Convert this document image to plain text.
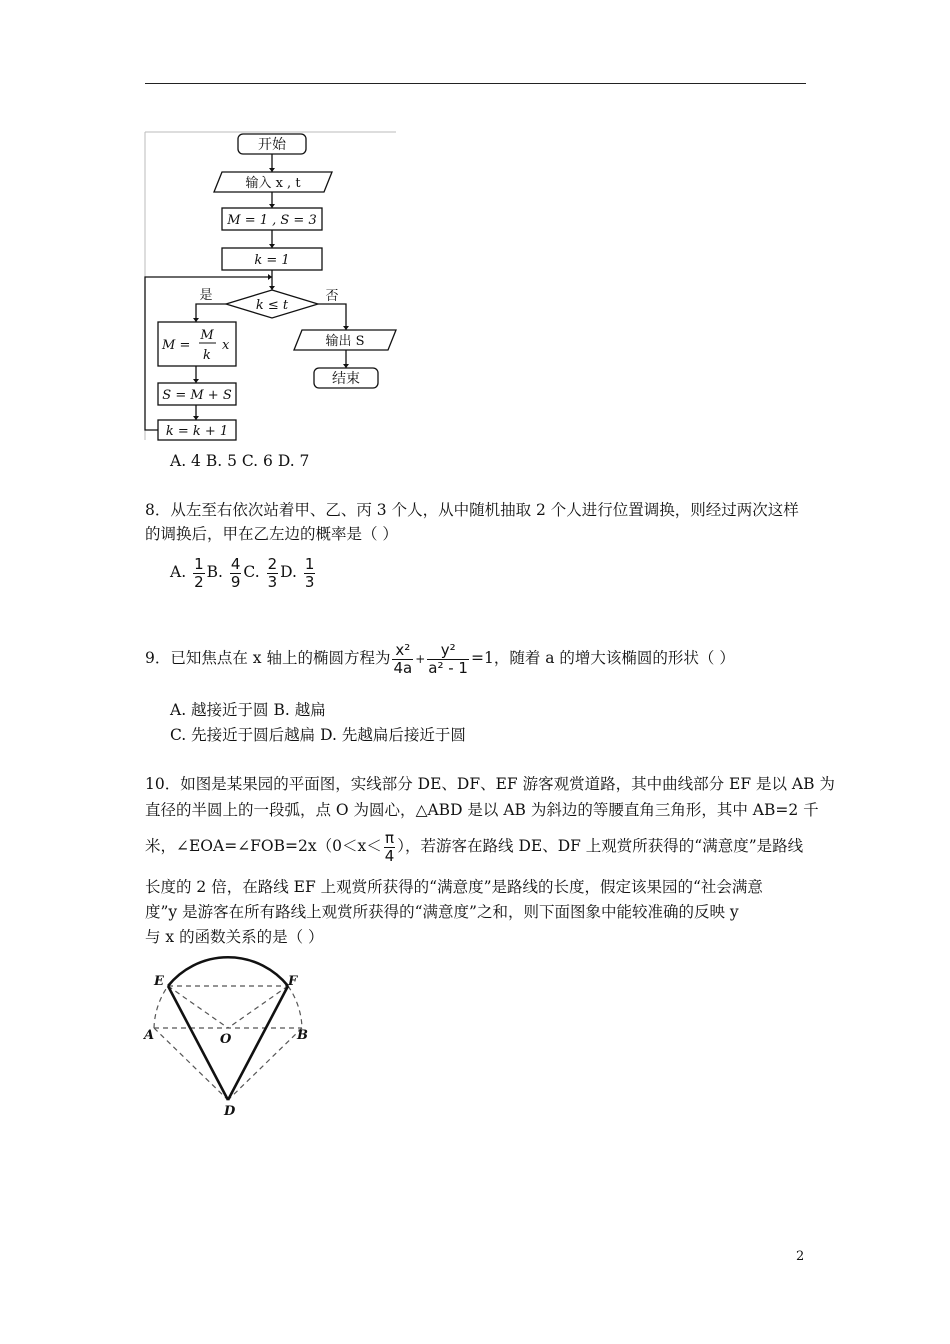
开始
输入 x , t
M = 1 , S = 3
k = 1
k ≤ t
是	否
M =
M
k
x
S = M + S
k = k + 1
输出 S
结束
A. 4 B. 5 C. 6 D. 7
8．从左至右依次站着甲、乙、丙 3 个人，从中随机抽取 2 个人进行位置调换，则经过两次这样
的调换后，甲在乙左边的概率是（ ）
A. $\frac{1}{2} B$. $\frac{4}{9} C$. $\frac{2}{3} D$. $\frac{1}{3}$
9．已知焦点在 x 轴上的椭圆方程为 $\frac{\text{x²}}{4a} + \frac{\text{y²}}{\text{a² - 1}} =1$，随着 a 的增大该椭圆的形状（ ）
A. 越接近于圆 B. 越扁
C. 先接近于圆后越扁 D. 先越扁后接近于圆
10．如图是某果园的平面图，实线部分 DE、DF、EF 游客观赏道路，其中曲线部分 EF 是以 AB 为
直径的半圆上的一段弧，点 O 为圆心，△ABD 是以 AB 为斜边的等腰直角三角形，其中 AB=2 千
米，∠EOA=∠FOB=2x（0＜x＜ $\frac{\pi}{4}$ ），若游客在路线 DE、DF 上观赏所获得的“满意度”是路线
长度的 2 倍，在路线 EF 上观赏所获得的“满意度”是路线的长度，假定该果园的“社会满意
度”y 是游客在所有路线上观赏所获得的“满意度”之和，则下面图象中能较准确的反映 y
与 x 的函数关系的是（ ）
E	F
A	O	B
D
2
